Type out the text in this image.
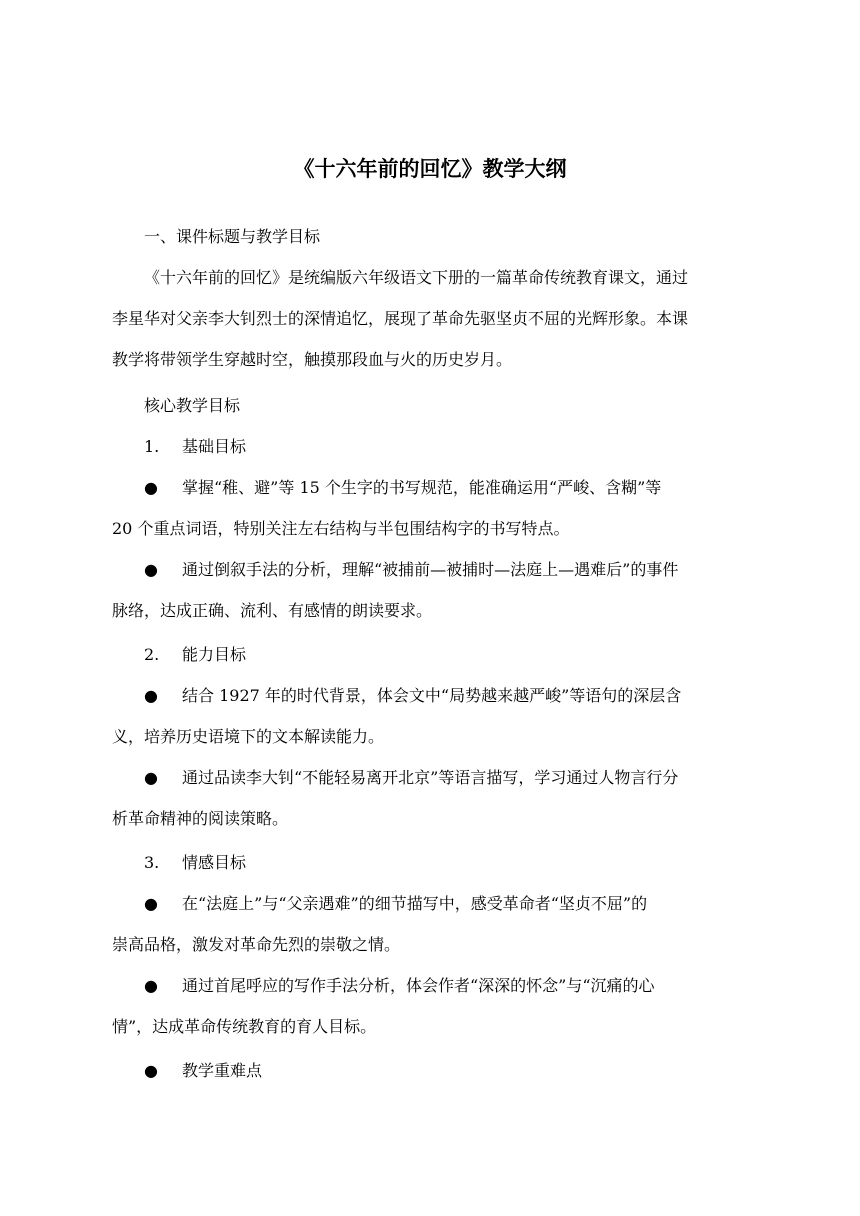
《十六年前的回忆》教学大纲
一、课件标题与教学目标
《十六年前的回忆》是统编版六年级语文下册的一篇革命传统教育课文，通过
李星华对父亲李大钊烈士的深情追忆，展现了革命先驱坚贞不屈的光辉形象。本课
教学将带领学生穿越时空，触摸那段血与火的历史岁月。
核心教学目标
1. 基础目标
● 掌握“稚、避”等 15 个生字的书写规范，能准确运用“严峻、含糊”等
20 个重点词语，特别关注左右结构与半包围结构字的书写特点。
● 通过倒叙手法的分析，理解“被捕前—被捕时—法庭上—遇难后”的事件
脉络，达成正确、流利、有感情的朗读要求。
2. 能力目标
● 结合 1927 年的时代背景，体会文中“局势越来越严峻”等语句的深层含
义，培养历史语境下的文本解读能力。
● 通过品读李大钊“不能轻易离开北京”等语言描写，学习通过人物言行分
析革命精神的阅读策略。
3. 情感目标
● 在“法庭上”与“父亲遇难”的细节描写中，感受革命者“坚贞不屈”的
崇高品格，激发对革命先烈的崇敬之情。
● 通过首尾呼应的写作手法分析，体会作者“深深的怀念”与“沉痛的心
情”，达成革命传统教育的育人目标。
● 教学重难点
